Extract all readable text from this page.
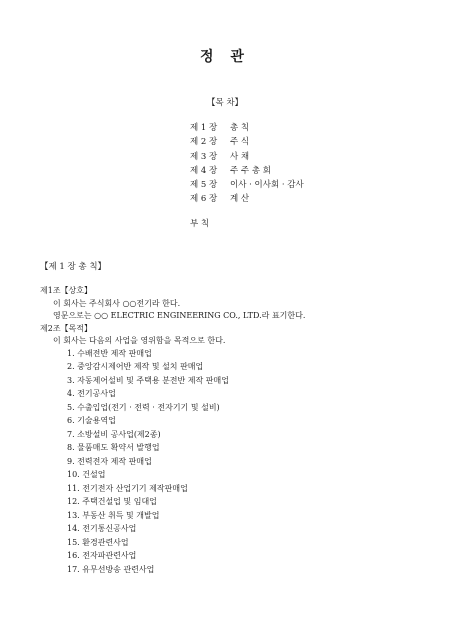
정 관
【목 차】
제 1 장	총 칙
제 2 장	주 식
제 3 장	사 채
제 4 장	주 주 총 회
제 5 장	이사 · 이사회 · 감사
제 6 장	계 산
부 칙
【제 1 장 총 칙】
제1조【상호】
이 회사는 주식회사 ○○전기라 한다.
영문으로는 ○○ ELECTRIC ENGINEERING CO., LTD.라 표기한다.
제2조【목적】
이 회사는 다음의 사업을 영위함을 목적으로 한다.
1. 수배전반 제작 판매업
2. 중앙감시제어반 제작 및 설치 판매업
3. 자동제어설비 및 주택용 분전반 제작 판매업
4. 전기공사업
5. 수출입업(전기 · 전력 · 전자기기 및 설비)
6. 기술용역업
7. 소방설비 공사업(제2종)
8. 물품매도 확약서 발행업
9. 전력전자 제작 판매업
10. 건설업
11. 전기전자 산업기기 제작판매업
12. 주택건설업 및 임대업
13. 부동산 취득 및 개발업
14. 전기통신공사업
15. 환경관련사업
16. 전자파관련사업
17. 유무선방송 관련사업
